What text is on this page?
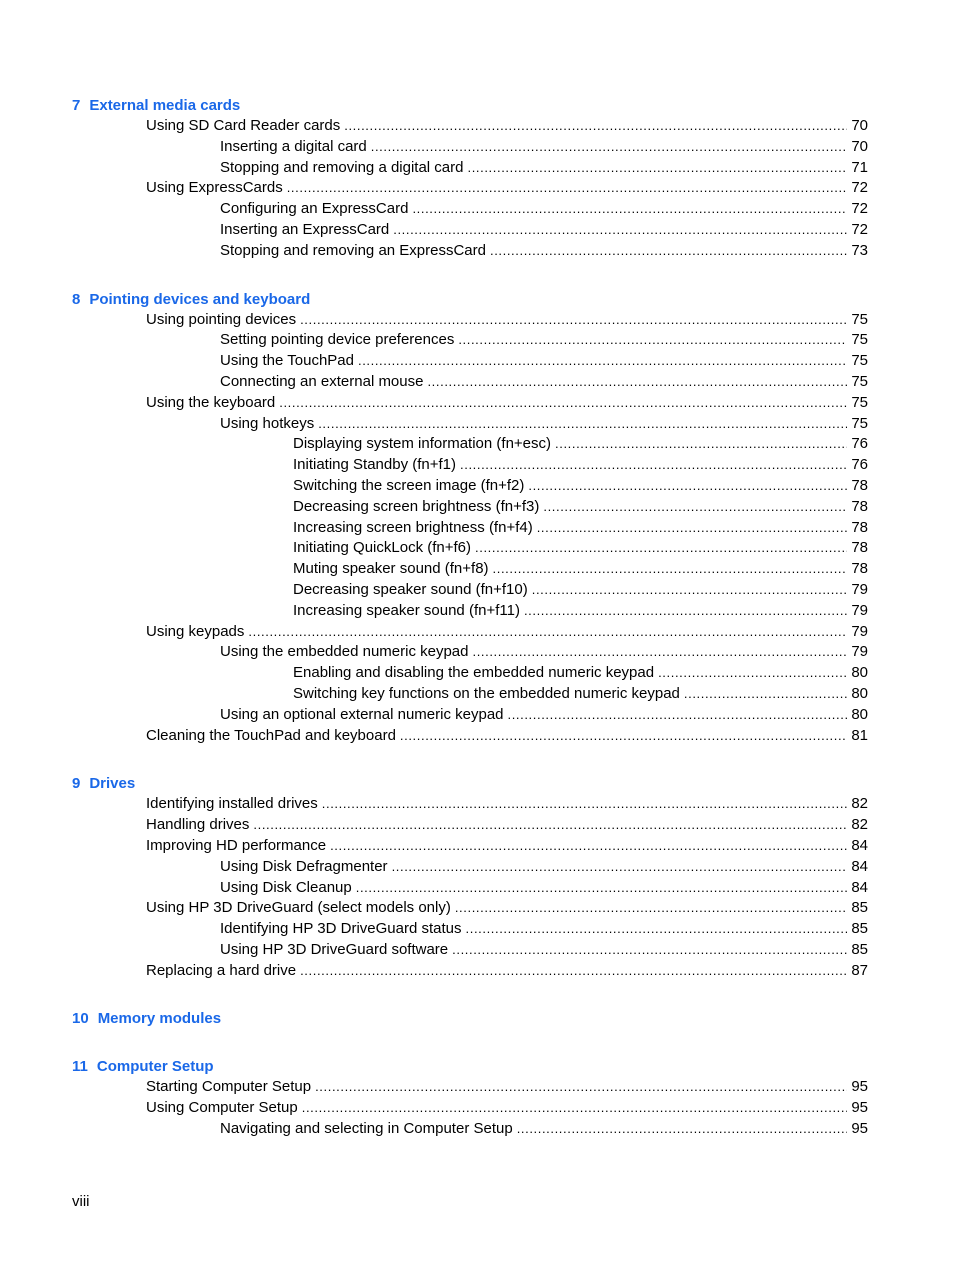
7 External media cards
Using SD Card Reader cards .....	70
Inserting a digital card .....	70
Stopping and removing a digital card .....	71
Using ExpressCards .....	72
Configuring an ExpressCard .....	72
Inserting an ExpressCard .....	72
Stopping and removing an ExpressCard .....	73
8 Pointing devices and keyboard
Using pointing devices .....	75
Setting pointing device preferences .....	75
Using the TouchPad .....	75
Connecting an external mouse .....	75
Using the keyboard .....	75
Using hotkeys .....	75
Displaying system information (fn+esc) .....	76
Initiating Standby (fn+f1) .....	76
Switching the screen image (fn+f2) .....	78
Decreasing screen brightness (fn+f3) .....	78
Increasing screen brightness (fn+f4) .....	78
Initiating QuickLock (fn+f6) .....	78
Muting speaker sound (fn+f8) .....	78
Decreasing speaker sound (fn+f10) .....	79
Increasing speaker sound (fn+f11) .....	79
Using keypads .....	79
Using the embedded numeric keypad .....	79
Enabling and disabling the embedded numeric keypad .....	80
Switching key functions on the embedded numeric keypad .....	80
Using an optional external numeric keypad .....	80
Cleaning the TouchPad and keyboard .....	81
9 Drives
Identifying installed drives .....	82
Handling drives .....	82
Improving HD performance .....	84
Using Disk Defragmenter .....	84
Using Disk Cleanup .....	84
Using HP 3D DriveGuard (select models only) .....	85
Identifying HP 3D DriveGuard status .....	85
Using HP 3D DriveGuard software .....	85
Replacing a hard drive .....	87
10 Memory modules
11 Computer Setup
Starting Computer Setup .....	95
Using Computer Setup .....	95
Navigating and selecting in Computer Setup .....	95
viii
